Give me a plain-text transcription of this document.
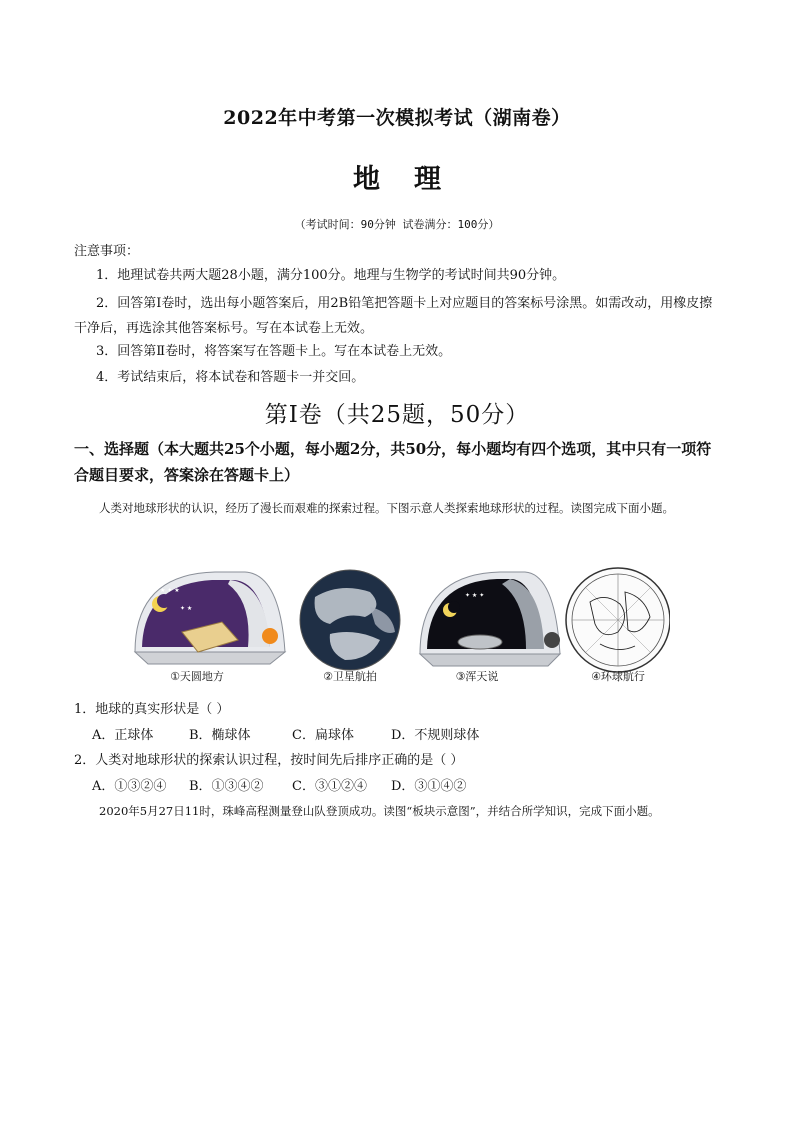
2022年中考第一次模拟考试（湖南卷）
地理
（考试时间：90分钟 试卷满分：100分）
注意事项：
1．地理试卷共两大题28小题，满分100分。地理与生物学的考试时间共90分钟。
2．回答第Ⅰ卷时，选出每小题答案后，用2B铅笔把答题卡上对应题目的答案标号涂黑。如需改动，用橡皮擦干净后，再选涂其他答案标号。写在本试卷上无效。
3．回答第Ⅱ卷时，将答案写在答题卡上。写在本试卷上无效。
4．考试结束后，将本试卷和答题卡一并交回。
第Ⅰ卷（共25题，50分）
一、选择题（本大题共25个小题，每小题2分，共50分，每小题均有四个选项，其中只有一项符合题目要求，答案涂在答题卡上）
人类对地球形状的认识，经历了漫长而艰难的探索过程。下图示意人类探索地球形状的过程。读图完成下面小题。
★ ✦ ★
✦ ★
✦ ★ ✦
①天圆地方	②卫星航拍	③浑天说	④环球航行
1．地球的真实形状是（ ）
A．正球体	B．椭球体	C．扁球体	D．不规则球体
2．人类对地球形状的探索认识过程，按时间先后排序正确的是（ ）
A．①③②④ B．①③④② C．③①②④ D．③①④②
2020年5月27日11时，珠峰高程测量登山队登顶成功。读图“板块示意图”，并结合所学知识，完成下面小题。
